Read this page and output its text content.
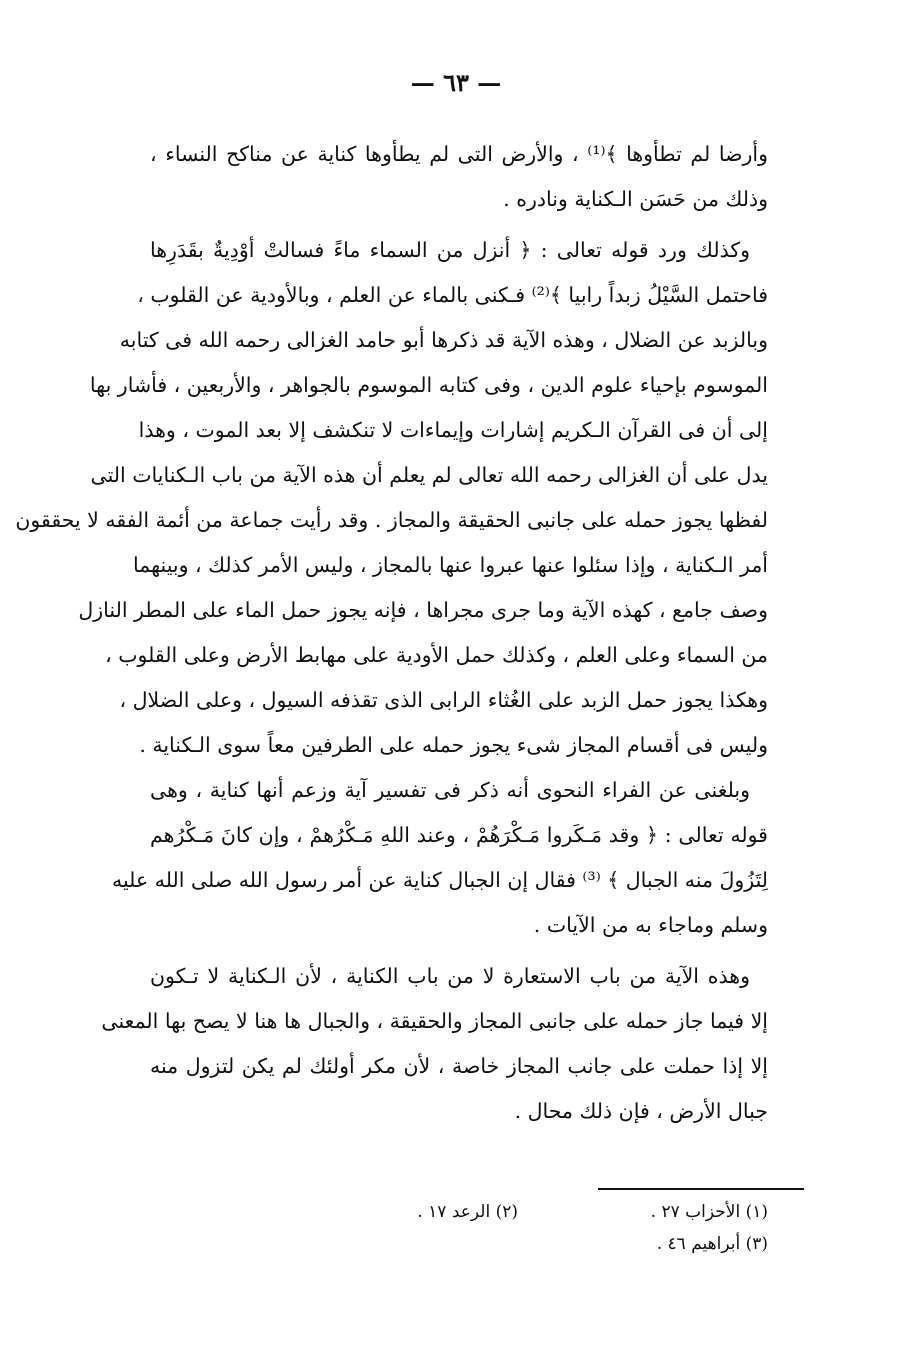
— ٦٣ —
وأرضا لم تطأوها ﴾⁽¹⁾ ، والأرض التى لم يطأوها كناية عن مناكح النساء ،
وذلك من حَسَن الـكناية ونادره .
وكذلك ورد قوله تعالى : ﴿ أنزل من السماء ماءً فسالتْ أوْدِيةٌ بقَدَرِها
فاحتمل السَّيْلُ زبداً رابيا ﴾⁽²⁾ فـكنى بالماء عن العلم ، وبالأودية عن القلوب ،
وبالزبد عن الضلال ، وهذه الآية قد ذكرها أبو حامد الغزالى رحمه الله فى كتابه
الموسوم بإحياء علوم الدين ، وفى كتابه الموسوم بالجواهر ، والأربعين ، فأشار بها
إلى أن فى القرآن الـكريم إشارات وإيماءات لا تنكشف إلا بعد الموت ، وهذا
يدل على أن الغزالى رحمه الله تعالى لم يعلم أن هذه الآية من باب الـكنايات التى
لفظها يجوز حمله على جانبى الحقيقة والمجاز . وقد رأيت جماعة من أئمة الفقه لا يحققون
أمر الـكناية ، وإذا سئلوا عنها عبروا عنها بالمجاز ، وليس الأمر كذلك ، وبينهما
وصف جامع ، كهذه الآية وما جرى مجراها ، فإنه يجوز حمل الماء على المطر النازل
من السماء وعلى العلم ، وكذلك حمل الأودية على مهابط الأرض وعلى القلوب ،
وهكذا يجوز حمل الزبد على الغُثاء الرابى الذى تقذفه السيول ، وعلى الضلال ،
وليس فى أقسام المجاز شىء يجوز حمله على الطرفين معاً سوى الـكناية .
وبلغنى عن الفراء النحوى أنه ذكر فى تفسير آية وزعم أنها كناية ، وهى
قوله تعالى : ﴿ وقد مَـكَروا مَـكْرَهُمْ ، وعند اللهِ مَـكْرُهمْ ، وإن كانَ مَـكْرُهم
لِتَزُولَ منه الجبال ﴾ ⁽³⁾ فقال إن الجبال كناية عن أمر رسول الله صلى الله عليه
وسلم وماجاء به من الآيات .
وهذه الآية من باب الاستعارة لا من باب الكناية ، لأن الـكناية لا تـكون
إلا فيما جاز حمله على جانبى المجاز والحقيقة ، والجبال ها هنا لا يصح بها المعنى
إلا إذا حملت على جانب المجاز خاصة ، لأن مكر أولئك لم يكن لتزول منه
جبال الأرض ، فإن ذلك محال .
(١) الأحزاب ٢٧ .(٢) الرعد ١٧ .
(٣) أبراهيم ٤٦ .
